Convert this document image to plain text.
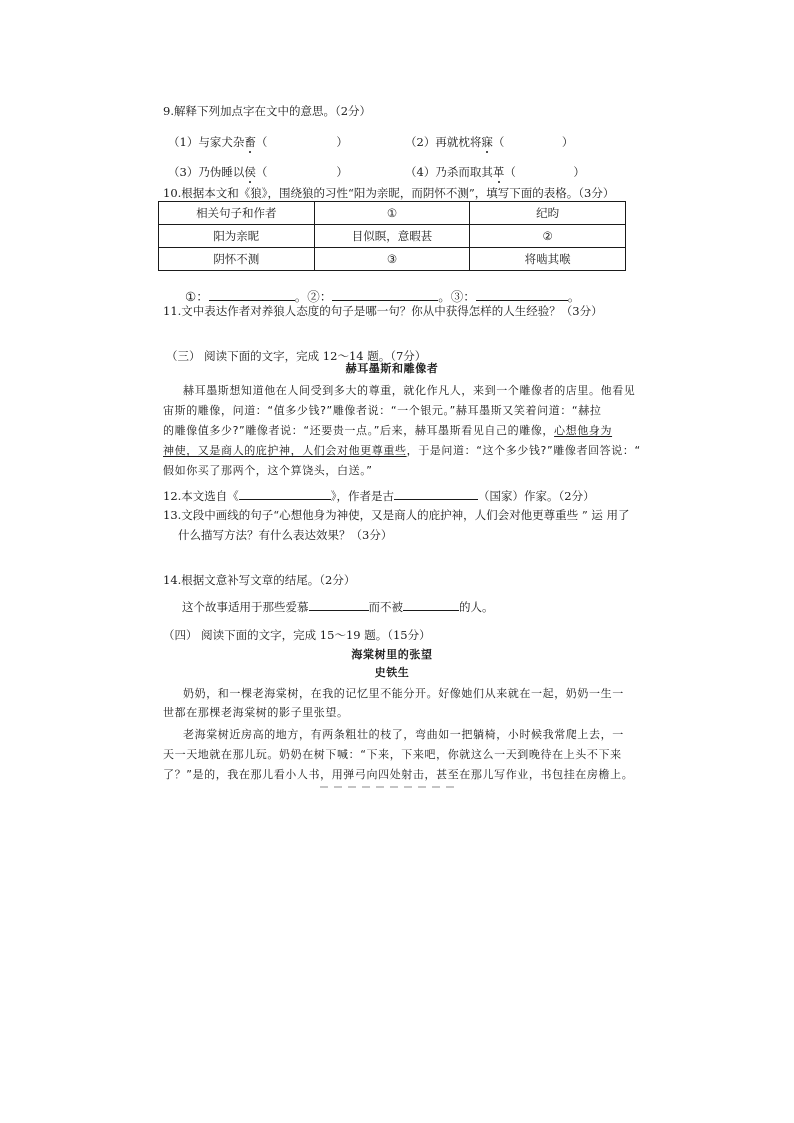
9.解释下列加点字在文中的意思。（2分）
（1）与家犬杂畜（　　　　　　）	（2）再就枕将寐（　　　　　）
（3）乃伪睡以侯（　　　　　　）	（4）乃杀而取其革（　　　　　）
10.根据本文和《狼》，围绕狼的习性“阳为亲昵，而阴怀不测”，填写下面的表格。（3分）
相关句子和作者	①	纪昀
阳为亲昵	目似瞑，意暇甚	②
阴怀不测	③	将啮其喉
①：	。②：	。③：	。
11.文中表达作者对养狼人态度的句子是哪一句？你从中获得怎样的人生经验？（3分）
（三） 阅读下面的文字，完成 12～14 题。（7分）
赫耳墨斯和雕像者
赫耳墨斯想知道他在人间受到多大的尊重，就化作凡人，来到一个雕像者的店里。他看见
宙斯的雕像，问道：“值多少钱?”雕像者说：“一个银元。”赫耳墨斯又笑着问道：“赫拉
的雕像值多少?”雕像者说：“还要贵一点。”后来，赫耳墨斯看见自己的雕像，心想他身为
神使，又是商人的庇护神，人们会对他更尊重些，于是问道：“这个多少钱?”雕像者回答说：“
假如你买了那两个，这个算饶头，白送。”
12.本文选自《	》，作者是古	（国家）作家。（2分）
13.文段中画线的句子“心想他身为神使，又是商人的庇护神，人们会对他更尊重些 ” 运 用了
什么描写方法？有什么表达效果？（3分）
14.根据文意补写文章的结尾。（2分）
这个故事适用于那些爱慕	而不被	的人。
（四） 阅读下面的文字，完成 15～19 题。（15分）
海棠树里的张望
史铁生
奶奶，和一棵老海棠树，在我的记忆里不能分开。好像她们从来就在一起，奶奶一生一
世都在那棵老海棠树的影子里张望。
老海棠树近房高的地方，有两条粗壮的枝了，弯曲如一把躺椅，小时候我常爬上去，一
天一天地就在那儿玩。奶奶在树下喊：“下来，下来吧，你就这么一天到晚待在上头不下来
了？”是的，我在那儿看小人书，用弹弓向四处射击，甚至在那儿写作业，书包挂在房檐上。
